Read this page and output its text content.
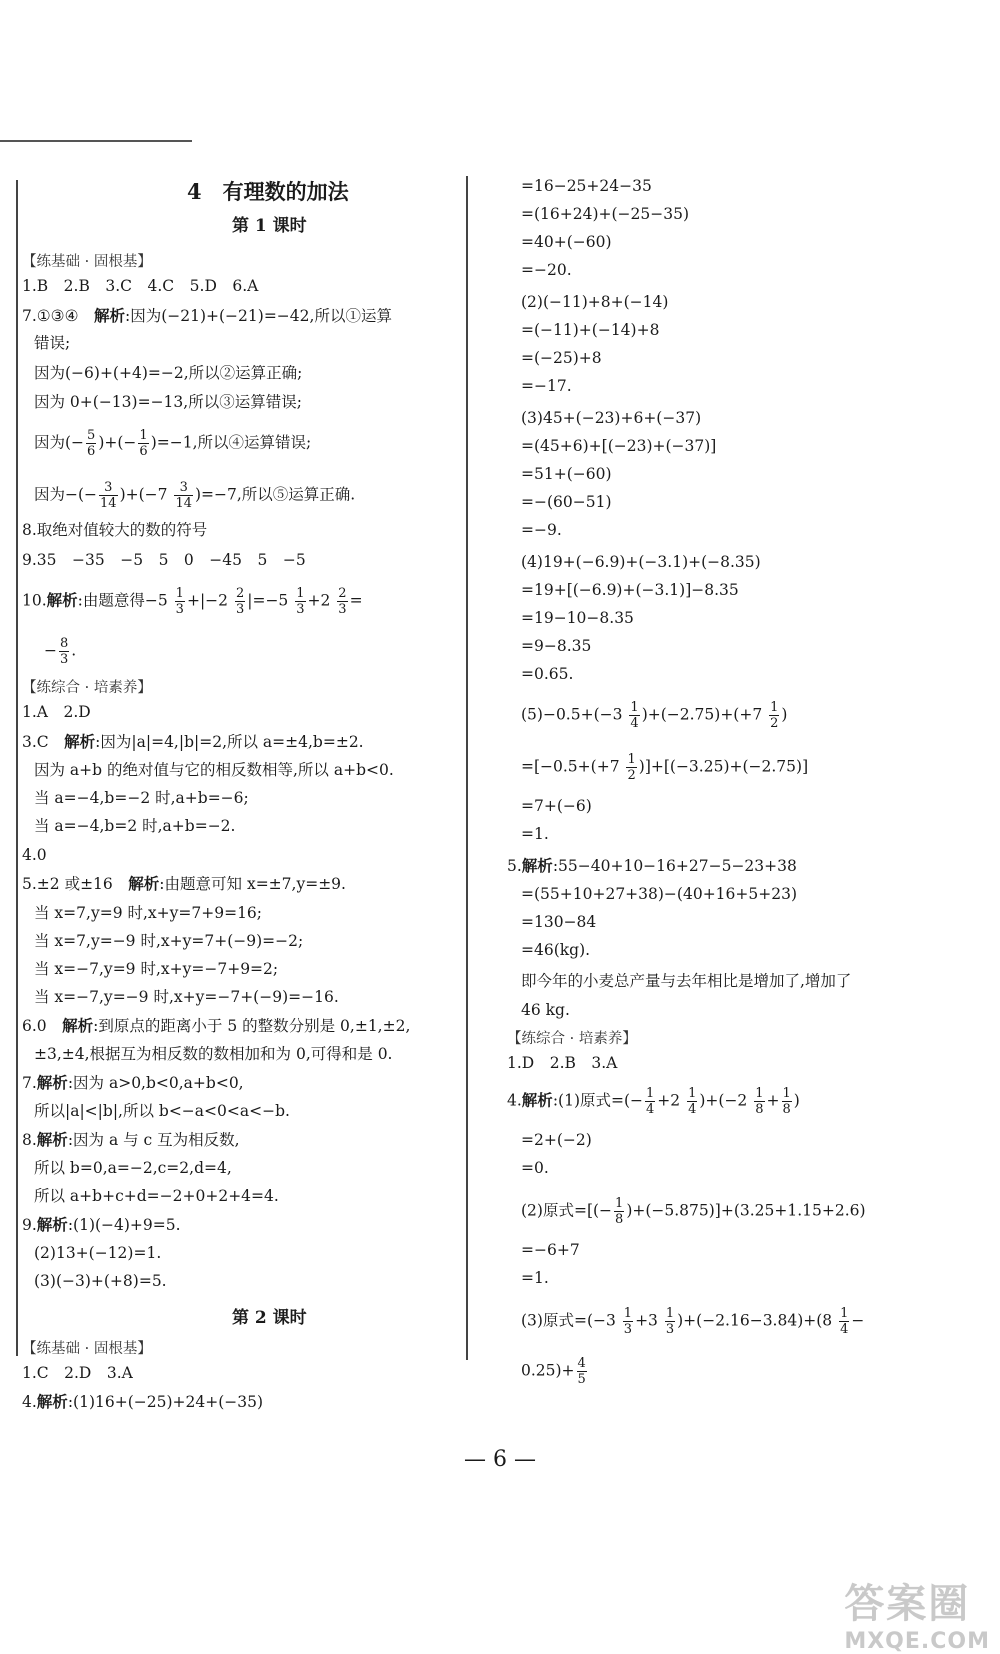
4　有理数的加法
第 1 课时
【练基础 · 固根基】
1.B　2.B　3.C　4.C　5.D　6.A
7.①③④　解析:因为(−21)+(−21)=−42,所以①运算
错误;
因为(−6)+(+4)=−2,所以②运算正确;
因为 0+(−13)=−13,所以③运算错误;
因为(− $\frac{5}{6}$ )+(− $\frac{1}{6} )=-1$,所以④运算错误;
因为−(− $\frac{3}{14} )+(-7 \frac{3}{14} )=-7$,所以⑤运算正确.
8.取绝对值较大的数的符号
9.35　−35　−5　5　0　−45　5　−5
10.解析:由题意得$-5 \frac{1}{3} +|-2 \frac{2}{3} |=-5 \frac{1}{3} +2 \frac{2}{3}$ =
− $\frac{8}{3}$ .
【练综合 · 培素养】
1.A　2.D
3.C　解析:因为|a|=4,|b|=2,所以 a=±4,b=±2.
因为 a+b 的绝对值与它的相反数相等,所以 a+b<0.
当 a=−4,b=−2 时,a+b=−6;
当 a=−4,b=2 时,a+b=−2.
4.0
5.±2 或±16　解析:由题意可知 x=±7,y=±9.
当 x=7,y=9 时,x+y=7+9=16;
当 x=7,y=−9 时,x+y=7+(−9)=−2;
当 x=−7,y=9 时,x+y=−7+9=2;
当 x=−7,y=−9 时,x+y=−7+(−9)=−16.
6.0　解析:到原点的距离小于 5 的整数分别是 0,±1,±2,
±3,±4,根据互为相反数的数相加和为 0,可得和是 0.
7.解析:因为 a>0,b<0,a+b<0,
所以|a|<|b|,所以 b<−a<0<a<−b.
8.解析:因为 a 与 c 互为相反数,
所以 b=0,a=−2,c=2,d=4,
所以 a+b+c+d=−2+0+2+4=4.
9.解析:(1)(−4)+9=5.
(2)13+(−12)=1.
(3)(−3)+(+8)=5.
第 2 课时
【练基础 · 固根基】
1.C　2.D　3.A
4.解析:(1)16+(−25)+24+(−35)
=16−25+24−35
=(16+24)+(−25−35)
=40+(−60)
=−20.
(2)(−11)+8+(−14)
=(−11)+(−14)+8
=(−25)+8
=−17.
(3)45+(−23)+6+(−37)
=(45+6)+[(−23)+(−37)]
=51+(−60)
=−(60−51)
=−9.
(4)19+(−6.9)+(−3.1)+(−8.35)
=19+[(−6.9)+(−3.1)]−8.35
=19−10−8.35
=9−8.35
=0.65.
$(5)-0.5+(-3 \frac{1}{4} )+(-2.75)+(+7 \frac{1}{2}$ )
$=[-0.5+(+7 \frac{1}{2} )]+[(-3.25)+(-2.75)]$
=7+(−6)
=1.
5.解析:55−40+10−16+27−5−23+38
=(55+10+27+38)−(40+16+5+23)
=130−84
=46(kg).
即今年的小麦总产量与去年相比是增加了,增加了
46 kg.
【练综合 · 培素养】
1.D　2.B　3.A
4.解析:(1)原式=(− $\frac{1}{4} +2 \frac{1}{4} )+(-2 \frac{1}{8} + \frac{1}{8}$ )
=2+(−2)
=0.
(2)原式=[(− $\frac{1}{8} )+(-5.875)]+(3.25+1.15+2.6)$
=−6+7
=1.
(3)原式$=(-3 \frac{1}{3} +3 \frac{1}{3} )+(-2.16-3.84)+(8 \frac{1}{4}$ −
$0.25)+ \frac{4}{5}$
— 6 —
答案圈
MXQE.COM
